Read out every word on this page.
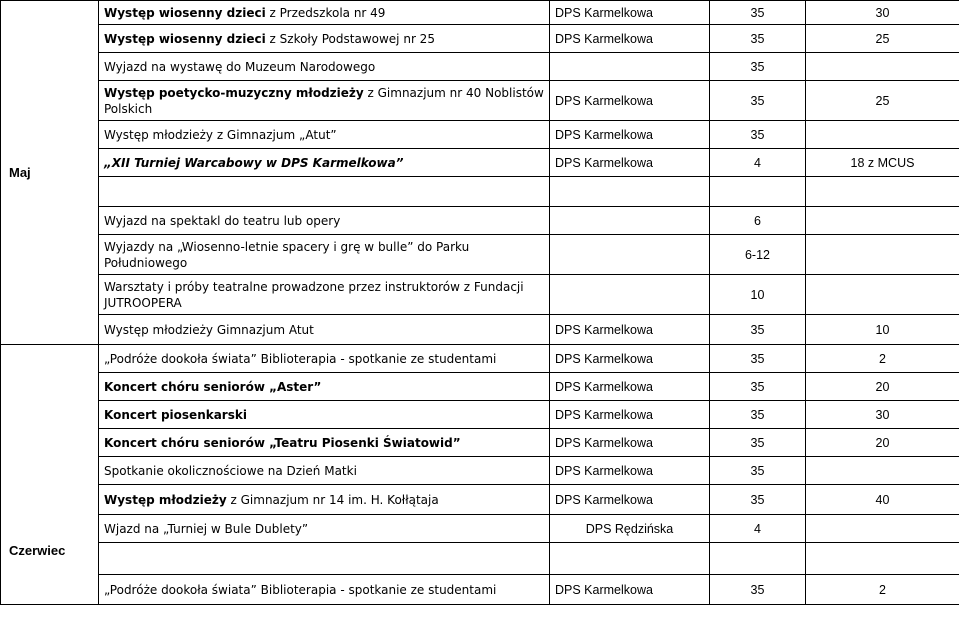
Maj	Występ wiosenny dzieci z Przedszkola nr 49	DPS Karmelkowa	35	30
	Występ wiosenny dzieci z Szkoły Podstawowej nr 25	DPS Karmelkowa	35	25
	Wyjazd na wystawę do Muzeum Narodowego		35	
	Występ poetycko-muzyczny młodzieży z Gimnazjum nr 40 Noblistów Polskich	DPS Karmelkowa	35	25
	Występ młodzieży z Gimnazjum „Atut”	DPS Karmelkowa	35	
	„XII Turniej Warcabowy w DPS Karmelkowa”	DPS Karmelkowa	4	18 z MCUS

	Wyjazd na spektakl do teatru lub opery		6	
	Wyjazdy na „Wiosenno-letnie spacery i grę w bulle” do Parku Południowego		6-12	
	Warsztaty i próby teatralne prowadzone przez instruktorów z Fundacji JUTROOPERA		10	
	Występ młodzieży Gimnazjum Atut	DPS Karmelkowa	35	10
Czerwiec	„Podróże dookoła świata” Biblioterapia - spotkanie ze studentami	DPS Karmelkowa	35	2
	Koncert chóru seniorów „Aster”	DPS Karmelkowa	35	20
	Koncert piosenkarski	DPS Karmelkowa	35	30
	Koncert chóru seniorów „Teatru Piosenki Światowid”	DPS Karmelkowa	35	20
	Spotkanie okolicznościowe na Dzień Matki	DPS Karmelkowa	35	
	Występ młodzieży z Gimnazjum nr 14 im. H. Kołłątaja	DPS Karmelkowa	35	40
	Wjazd na „Turniej w Bule Dublety”	DPS Rędzińska	4	

	„Podróże dookoła świata” Biblioterapia - spotkanie ze studentami	DPS Karmelkowa	35	2
